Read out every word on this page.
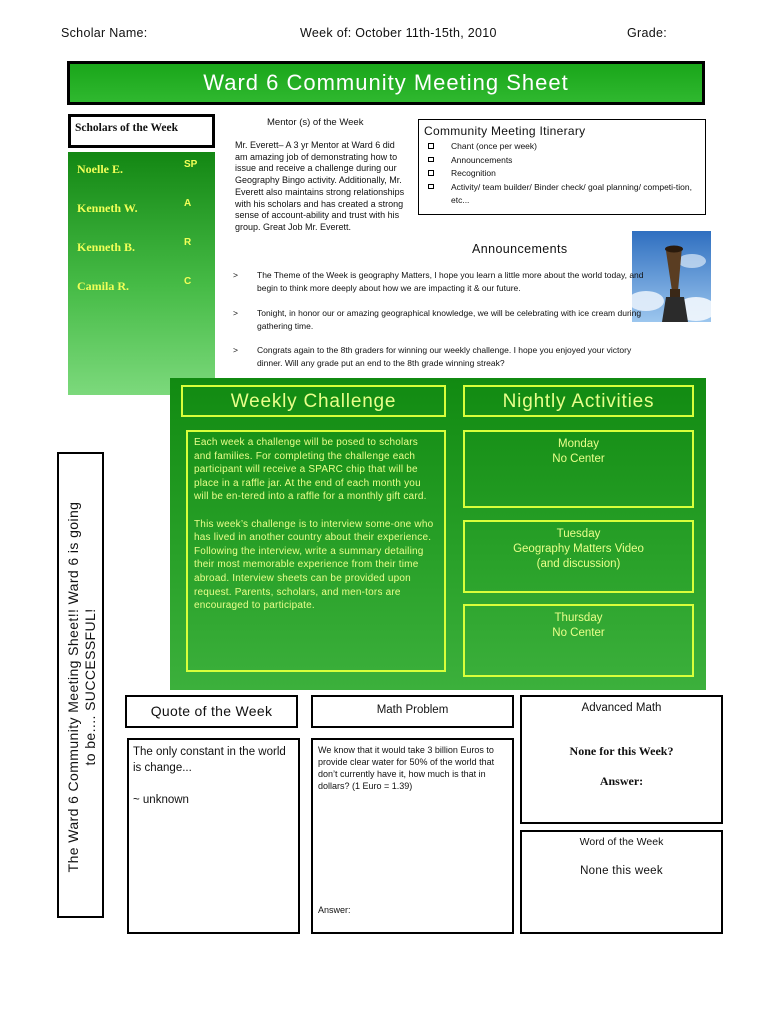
Scholar Name:	Week of: October 11th-15th, 2010	Grade:
Ward 6 Community Meeting Sheet
Scholars of the Week
Noelle E.	SP
Kenneth W.	A
Kenneth B.	R
Camila R.	C
Mentor (s) of the Week
Mr. Everett– A 3 yr Mentor at Ward 6 did am amazing job of demonstrating how to issue and receive a challenge during our Geography Bingo activity. Additionally, Mr. Everett also maintains strong relationships with his scholars and has created a strong sense of account-ability and trust with his group. Great Job Mr. Everett.
Community Meeting Itinerary
Chant (once per week)
Announcements
Recognition
Activity/ team builder/ Binder check/ goal planning/ competi-tion, etc...
Announcements
> The Theme of the Week is geography Matters, I hope you learn a little more about the world today, and begin to think more deeply about how we are impacting it & our future.
> Tonight, in honor our or amazing geographical knowledge, we will be celebrating with ice cream during gathering time.
> Congrats again to the 8th graders for winning our weekly challenge. I hope you enjoyed your victory dinner. Will any grade put an end to the 8th grade winning streak?
Weekly Challenge	Nightly Activities

Each week a challenge will be posed to scholars and families. For completing the challenge each participant will receive a SPARC chip that will be place in a raffle jar. At the end of each month you will be en-tered into a raffle for a monthly gift card.

This week’s challenge is to interview some-one who has lived in another country about their experience. Following the interview, write a summary detailing their most memorable experience from their time abroad. Interview sheets can be provided upon request. Parents, scholars, and men-tors are encouraged to participate.

Monday
No Center
Tuesday
Geography Matters Video
(and discussion)
Thursday
No Center
The Ward 6 Community Meeting Sheet!! Ward 6 is going to be.... SUCCESSFUL!	Quote of the Week
The only constant in the world is change...
~ unknown
Math Problem
We know that it would take 3 billion Euros to provide clear water for 50% of the world that don’t currently have it, how much is that in dollars? (1 Euro = 1.39)
Answer:
Advanced Math
None for this Week?
Answer:
Word of the Week
None this week
